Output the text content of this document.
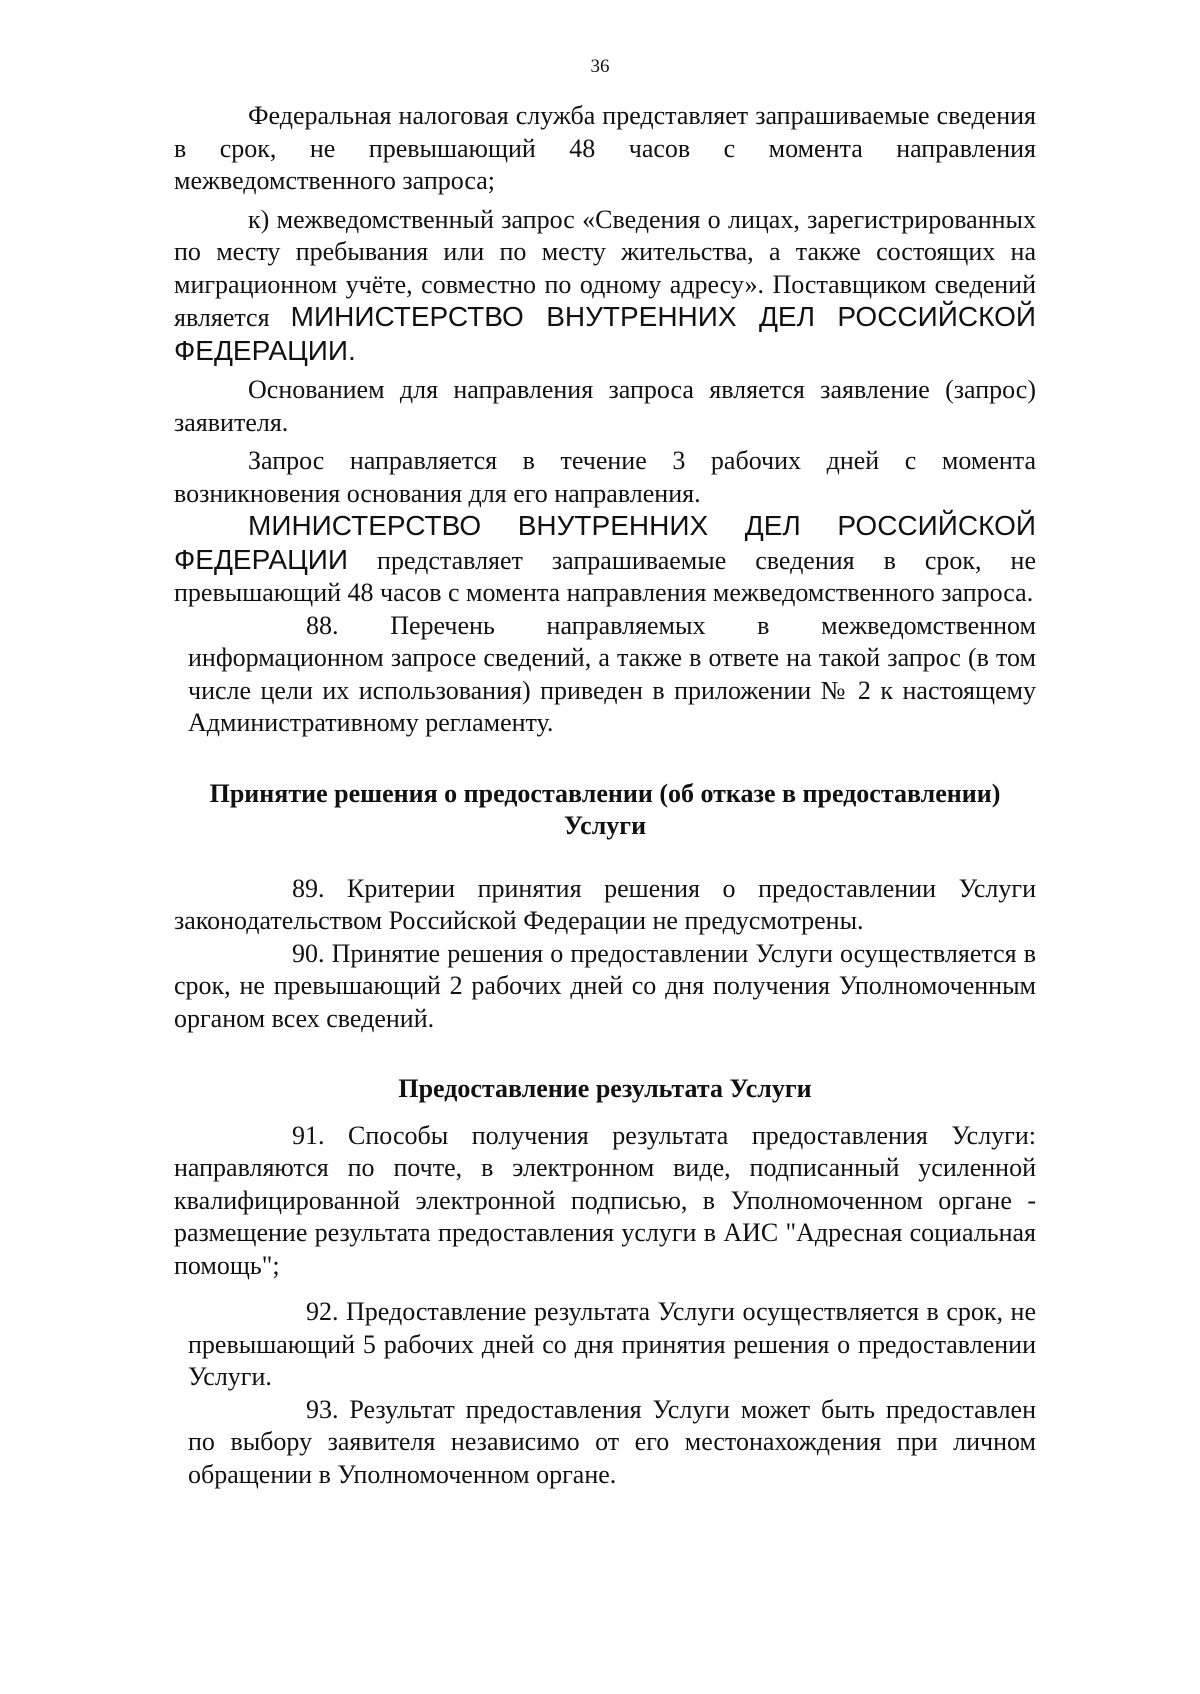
36

Федеральная налоговая служба представляет запрашиваемые сведения в срок, не превышающий 48 часов с момента направления межведомственного запроса;

к) межведомственный запрос «Сведения о лицах, зарегистрированных по месту пребывания или по месту жительства, а также состоящих на миграционном учёте, совместно по одному адресу». Поставщиком сведений является МИНИСТЕРСТВО ВНУТРЕННИХ ДЕЛ РОССИЙСКОЙ ФЕДЕРАЦИИ.

Основанием для направления запроса является заявление (запрос) заявителя.

Запрос направляется в течение 3 рабочих дней с момента возникновения основания для его направления.

МИНИСТЕРСТВО ВНУТРЕННИХ ДЕЛ РОССИЙСКОЙ ФЕДЕРАЦИИ представляет запрашиваемые сведения в срок, не превышающий 48 часов с момента направления межведомственного запроса.

88. Перечень направляемых в межведомственном информационном запросе сведений, а также в ответе на такой запрос (в том числе цели их использования) приведен в приложении № 2 к настоящему Административному регламенту.

Принятие решения о предоставлении (об отказе в предоставлении) Услуги

89. Критерии принятия решения о предоставлении Услуги законодательством Российской Федерации не предусмотрены.

90. Принятие решения о предоставлении Услуги осуществляется в срок, не превышающий 2 рабочих дней со дня получения Уполномоченным органом всех сведений.

Предоставление результата Услуги

91. Способы получения результата предоставления Услуги: направляются по почте, в электронном виде, подписанный усиленной квалифицированной электронной подписью, в Уполномоченном органе - размещение результата предоставления услуги в АИС "Адресная социальная помощь";

92. Предоставление результата Услуги осуществляется в срок, не превышающий 5 рабочих дней со дня принятия решения о предоставлении Услуги.

93. Результат предоставления Услуги может быть предоставлен по выбору заявителя независимо от его местонахождения при личном обращении в Уполномоченном органе.
